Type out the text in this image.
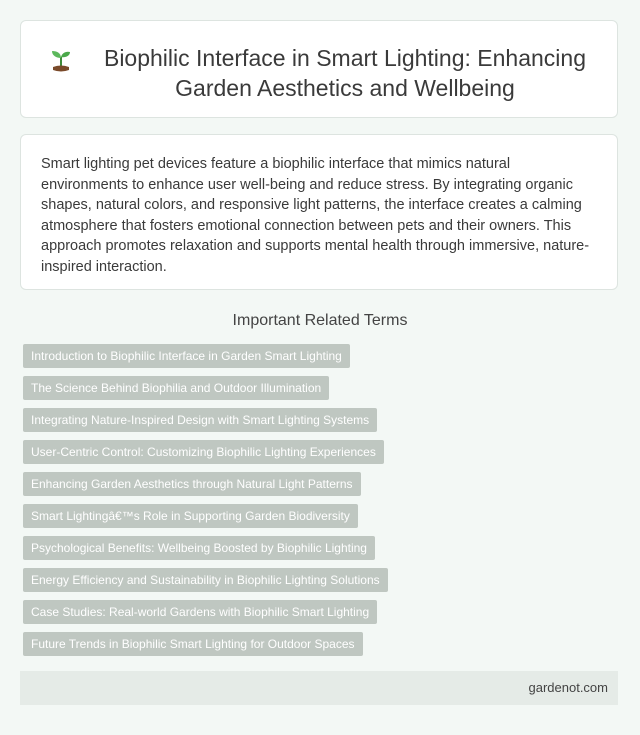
Biophilic Interface in Smart Lighting: Enhancing Garden Aesthetics and Wellbeing

Smart lighting pet devices feature a biophilic interface that mimics natural environments to enhance user well-being and reduce stress. By integrating organic shapes, natural colors, and responsive light patterns, the interface creates a calming atmosphere that fosters emotional connection between pets and their owners. This approach promotes relaxation and supports mental health through immersive, nature-inspired interaction.

Important Related Terms
Introduction to Biophilic Interface in Garden Smart Lighting
The Science Behind Biophilia and Outdoor Illumination
Integrating Nature-Inspired Design with Smart Lighting Systems
User-Centric Control: Customizing Biophilic Lighting Experiences
Enhancing Garden Aesthetics through Natural Light Patterns
Smart Lightingâ€™s Role in Supporting Garden Biodiversity
Psychological Benefits: Wellbeing Boosted by Biophilic Lighting
Energy Efficiency and Sustainability in Biophilic Lighting Solutions
Case Studies: Real-world Gardens with Biophilic Smart Lighting
Future Trends in Biophilic Smart Lighting for Outdoor Spaces
gardenot.com
